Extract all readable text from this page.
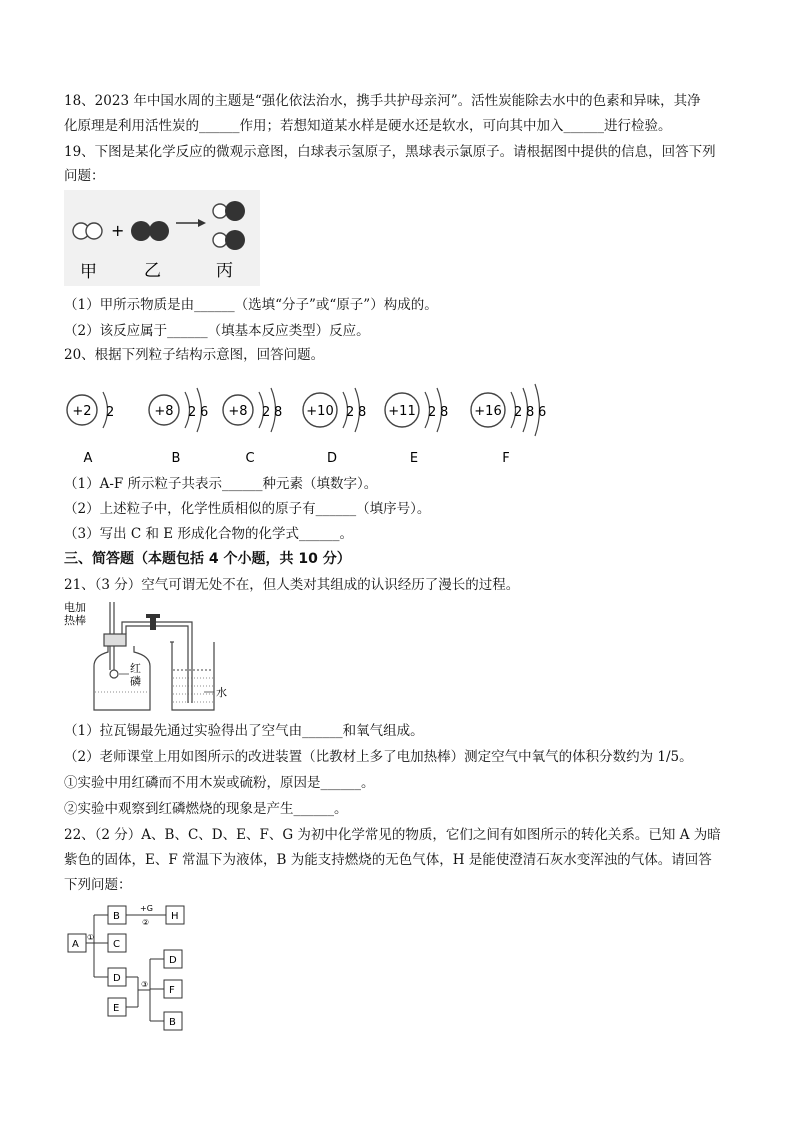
18、2023 年中国水周的主题是“强化依法治水，携手共护母亲河”。活性炭能除去水中的色素和异味，其净
化原理是利用活性炭的______作用；若想知道某水样是硬水还是软水，可向其中加入______进行检验。
19、下图是某化学反应的微观示意图，白球表示氢原子，黑球表示氯原子。请根据图中提供的信息，回答下列
问题：
+
甲	乙	丙
（1）甲所示物质是由______（选填“分子”或“原子”）构成的。
（2）该反应属于______（填基本反应类型）反应。
20、根据下列粒子结构示意图，回答问题。
+2 2
A
+8 2 6
B
+8 2 8
C
+10 2 8
D
+11 2 8
E
+16 2 8 6
F
（1）A-F 所示粒子共表示______种元素（填数字）。
（2）上述粒子中，化学性质相似的原子有______（填序号）。
（3）写出 C 和 E 形成化合物的化学式______。
三、简答题（本题包括 4 个小题，共 10 分）
21、（3 分）空气可谓无处不在，但人类对其组成的认识经历了漫长的过程。
电加
热棒
红
磷
水
（1）拉瓦锡最先通过实验得出了空气由______和氧气组成。
（2）老师课堂上用如图所示的改进装置（比教材上多了电加热棒）测定空气中氧气的体积分数约为 1/5。
①实验中用红磷而不用木炭或硫粉，原因是______。
②实验中观察到红磷燃烧的现象是产生______。
22、（2 分）A、B、C、D、E、F、G 为初中化学常见的物质，它们之间有如图所示的转化关系。已知 A 为暗
紫色的固体，E、F 常温下为液体，B 为能支持燃烧的无色气体，H 是能使澄清石灰水变浑浊的气体。请回答
下列问题：
A
B
C
D
E
H
D
F
B
①
+G
②
③
